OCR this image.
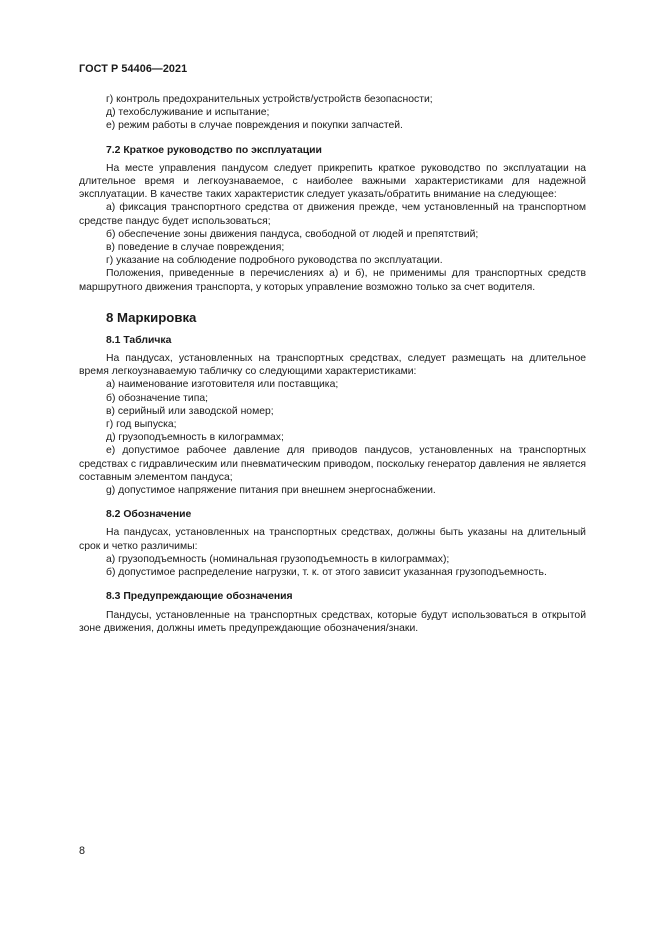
ГОСТ Р 54406—2021

г) контроль предохранительных устройств/устройств безопасности;

д) техобслуживание и испытание;

е) режим работы в случае повреждения и покупки запчастей.

7.2 Краткое руководство по эксплуатации

На месте управления пандусом следует прикрепить краткое руководство по эксплуатации на длительное время и легкоузнаваемое, с наиболее важными характеристиками для надежной эксплуатации. В качестве таких характеристик следует указать/обратить внимание на следующее:

а) фиксация транспортного средства от движения прежде, чем установленный на транспортном средстве пандус будет использоваться;

б) обеспечение зоны движения пандуса, свободной от людей и препятствий;

в) поведение в случае повреждения;

г) указание на соблюдение подробного руководства по эксплуатации.

Положения, приведенные в перечислениях а) и б), не применимы для транспортных средств маршрутного движения транспорта, у которых управление возможно только за счет водителя.

8 Маркировка
8.1 Табличка

На пандусах, установленных на транспортных средствах, следует размещать на длительное время легкоузнаваемую табличку со следующими характеристиками:

а) наименование изготовителя или поставщика;

б) обозначение типа;

в) серийный или заводской номер;

г) год выпуска;

д) грузоподъемность в килограммах;

е) допустимое рабочее давление для приводов пандусов, установленных на транспортных средствах с гидравлическим или пневматическим приводом, поскольку генератор давления не является составным элементом пандуса;

g) допустимое напряжение питания при внешнем энергоснабжении.

8.2 Обозначение

На пандусах, установленных на транспортных средствах, должны быть указаны на длительный срок и четко различимы:

а) грузоподъемность (номинальная грузоподъемность в килограммах);

б) допустимое распределение нагрузки, т. к. от этого зависит указанная грузоподъемность.

8.3 Предупреждающие обозначения

Пандусы, установленные на транспортных средствах, которые будут использоваться в открытой зоне движения, должны иметь предупреждающие обозначения/знаки.

8
